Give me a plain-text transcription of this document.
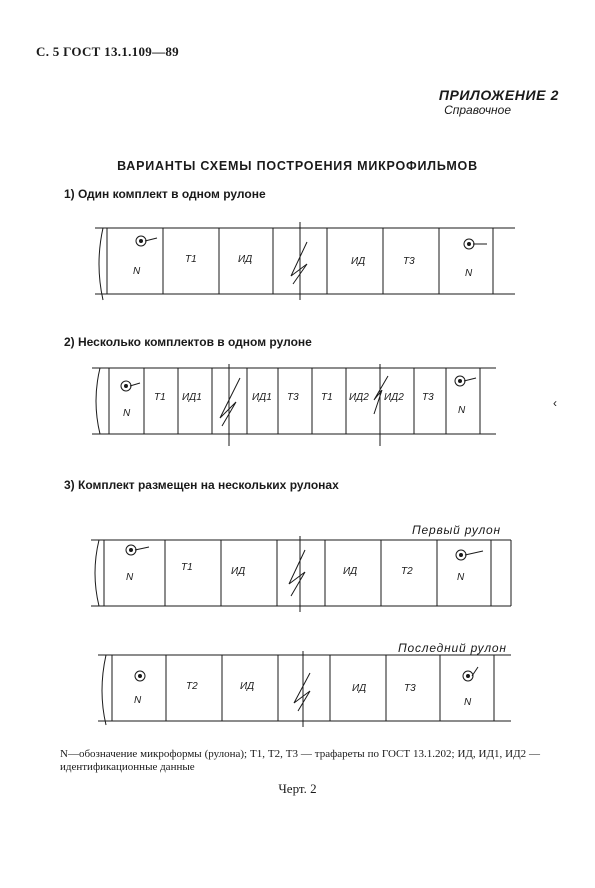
С. 5 ГОСТ 13.1.109—89
ПРИЛОЖЕНИЕ 2
Справочное
ВАРИАНТЫ СХЕМЫ ПОСТРОЕНИЯ МИКРОФИЛЬМОВ
1) Один комплект в одном рулоне
N
Т1	ИД	ИД	Т3
N
2) Несколько комплектов в одном рулоне
N
Т1 ИД1	ИД1 Т3 Т1 ИД2 ИД2 Т3
N
‹
3) Комплект размещен на нескольких рулонах
Первый рулон
N
Т1	ИД	ИД	Т2
N
Последний рулон
N
Т2	ИД	ИД	Т3
N
N—обозначение микроформы (рулона); Т1, Т2, Т3 — трафареты по ГОСТ 13.1.202; ИД, ИД1, ИД2 — идентификационные данные
Черт. 2
